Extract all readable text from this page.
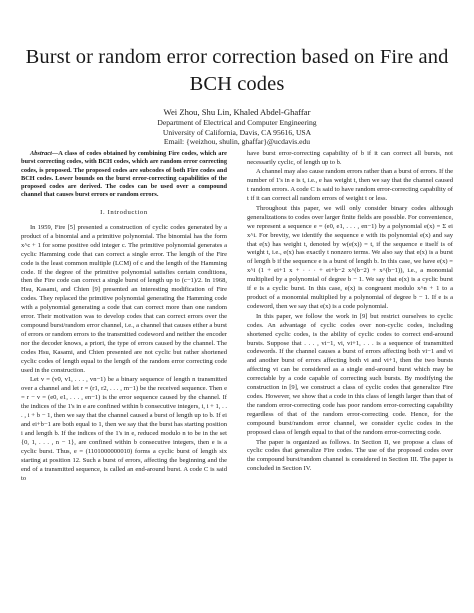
Burst or random error correction based on Fire and
BCH codes
Wei Zhou, Shu Lin, Khaled Abdel-Ghaffar
Department of Electrical and Computer Engineering
University of California, Davis, CA 95616, USA
Email: {weizhou, shulin, ghaffar}@ucdavis.edu
Abstract—A class of codes obtained by combining Fire codes, which are burst correcting codes, with BCH codes, which are random error correcting codes, is proposed. The proposed codes are subcodes of both Fire codes and BCH codes. Lower bounds on the burst error-correcting capabilities of the proposed codes are derived. The codes can be used over a compound channel that causes burst errors or random errors.
I. Introduction

In 1959, Fire [5] presented a construction of cyclic codes generated by a product of a binomial and a primitive polynomial. The binomial has the form x^c + 1 for some positive odd integer c. The primitive polynomial generates a cyclic Hamming code that can correct a single error. The length of the Fire code is the least common multiple (LCM) of c and the length of the Hamming code. If the degree of the primitive polynomial satisfies certain conditions, then the Fire code can correct a single burst of length up to (c−1)/2. In 1968, Hsu, Kasami, and Chien [9] presented an interesting modification of Fire codes. They replaced the primitive polynomial generating the Hamming code with a polynomial generating a code that can correct more than one random error. Their motivation was to develop codes that can correct errors over the compound burst/random error channel, i.e., a channel that causes either a burst of errors or random errors to the transmitted codeword and neither the encoder nor the decoder knows, a priori, the type of errors caused by the channel. The codes Hsu, Kasami, and Chien presented are not cyclic but rather shortened cyclic codes of length equal to the length of the random error correcting code used in the construction.

Let v = (v0, v1, . . . , vn−1) be a binary sequence of length n transmitted over a channel and let r = (r1, r2, . . . , rn−1) be the received sequence. Then e = r − v = (e0, e1, . . . , en−1) is the error sequence caused by the channel. If the indices of the 1's in e are confined within b consecutive integers, i, i + 1, . . . , i + b − 1, then we say that the channel caused a burst of length up to b. If ei and ei+b−1 are both equal to 1, then we say that the burst has starting position i and length b. If the indices of the 1's in e, reduced modulo n to be in the set {0, 1, . . . , n − 1}, are confined within b consecutive integers, then e is a cyclic burst. Thus, e = (1101000000010) forms a cyclic burst of length six starting at position 12. Such a burst of errors, affecting the beginning and the end of a transmitted sequence, is called an end-around burst. A code C is said to

have burst error-correcting capability of b if it can correct all bursts, not necessarily cyclic, of length up to b.

A channel may also cause random errors rather than a burst of errors. If the number of 1's in e is t, i.e., e has weight t, then we say that the channel caused t random errors. A code C is said to have random error-correcting capability of t if it can correct all random errors of weight t or less.

Throughout this paper, we will only consider binary codes although generalizations to codes over larger finite fields are possible. For convenience, we represent a sequence e = (e0, e1, . . . , en−1) by a polynomial e(x) = Σ ei x^i. For brevity, we identify the sequence e with its polynomial e(x) and say that e(x) has weight t, denoted by w(e(x)) = t, if the sequence e itself is of weight t, i.e., e(x) has exactly t nonzero terms. We also say that e(x) is a burst of length b if the sequence e is a burst of length b. In this case, we have e(x) = x^i (1 + ei+1 x + · · · + ei+b−2 x^(b−2) + x^(b−1)), i.e., a monomial multiplied by a polynomial of degree b − 1. We say that e(x) is a cyclic burst if e is a cyclic burst. In this case, e(x) is congruent modulo x^n + 1 to a product of a monomial multiplied by a polynomial of degree b − 1. If e is a codeword, then we say that e(x) is a code polynomial.

In this paper, we follow the work in [9] but restrict ourselves to cyclic codes. An advantage of cyclic codes over non-cyclic codes, including shortened cyclic codes, is the ability of cyclic codes to correct end-around bursts. Suppose that . . . , vi−1, vi, vi+1, . . . is a sequence of transmitted codewords. If the channel causes a burst of errors affecting both vi−1 and vi and another burst of errors affecting both vi and vi+1, then the two bursts affecting vi can be considered as a single end-around burst which may be correctable by a code capable of correcting such bursts. By modifying the construction in [9], we construct a class of cyclic codes that generalize Fire codes. However, we show that a code in this class of length larger than that of the random error-correcting code has poor random error-correcting capability regardless of that of the random error-correcting code. Hence, for the compound burst/random error channel, we consider cyclic codes in the proposed class of length equal to that of the random error-correcting code.

The paper is organized as follows. In Section II, we propose a class of cyclic codes that generalize Fire codes. The use of the proposed codes over the compound burst/random channel is considered in Section III. The paper is concluded in Section IV.
